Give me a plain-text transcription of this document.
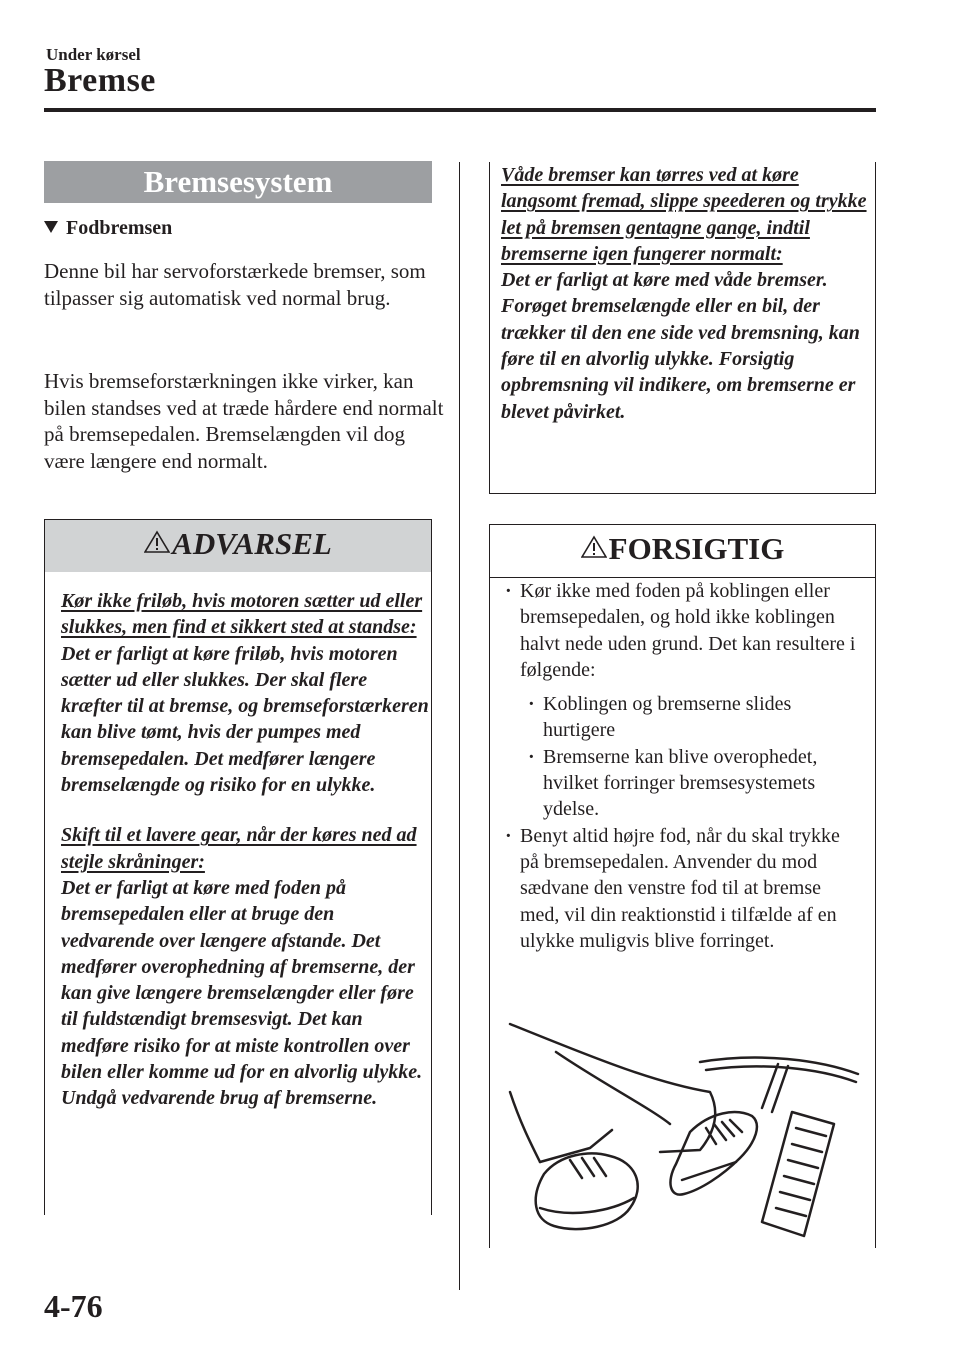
Under kørsel
Bremse
Bremsesystem
Fodbremsen
Denne bil har servoforstærkede bremser, som tilpasser sig automatisk ved normal brug.
Hvis bremseforstærkningen ikke virker, kan bilen standses ved at træde hårdere end normalt på bremsepedalen. Bremselængden vil dog være længere end normalt.
ADVARSEL
Kør ikke friløb, hvis motoren sætter ud eller slukkes, men find et sikkert sted at standse:
Det er farligt at køre friløb, hvis motoren sætter ud eller slukkes. Der skal flere kræfter til at bremse, og bremseforstærkeren kan blive tømt, hvis der pumpes med bremsepedalen. Det medfører længere bremselængde og risiko for en ulykke.
Skift til et lavere gear, når der køres ned ad stejle skråninger:
Det er farligt at køre med foden på bremsepedalen eller at bruge den vedvarende over længere afstande. Det medfører overophedning af bremserne, der kan give længere bremselængder eller føre til fuldstændigt bremsesvigt. Det kan medføre risiko for at miste kontrollen over bilen eller komme ud for en alvorlig ulykke. Undgå vedvarende brug af bremserne.
Våde bremser kan tørres ved at køre langsomt fremad, slippe speederen og trykke let på bremsen gentagne gange, indtil bremserne igen fungerer normalt:
Det er farligt at køre med våde bremser. Forøget bremselængde eller en bil, der trækker til den ene side ved bremsning, kan føre til en alvorlig ulykke. Forsigtig opbremsning vil indikere, om bremserne er blevet påvirket.
FORSIGTIG
· Kør ikke med foden på koblingen eller bremsepedalen, og hold ikke koblingen halvt nede uden grund. Det kan resultere i følgende:
· Koblingen og bremserne slides hurtigere
· Bremserne kan blive overophedet, hvilket forringer bremsesystemets ydelse.
· Benyt altid højre fod, når du skal trykke på bremsepedalen. Anvender du mod sædvane den venstre fod til at bremse med, vil din reaktionstid i tilfælde af en ulykke muligvis blive forringet.
4-76
